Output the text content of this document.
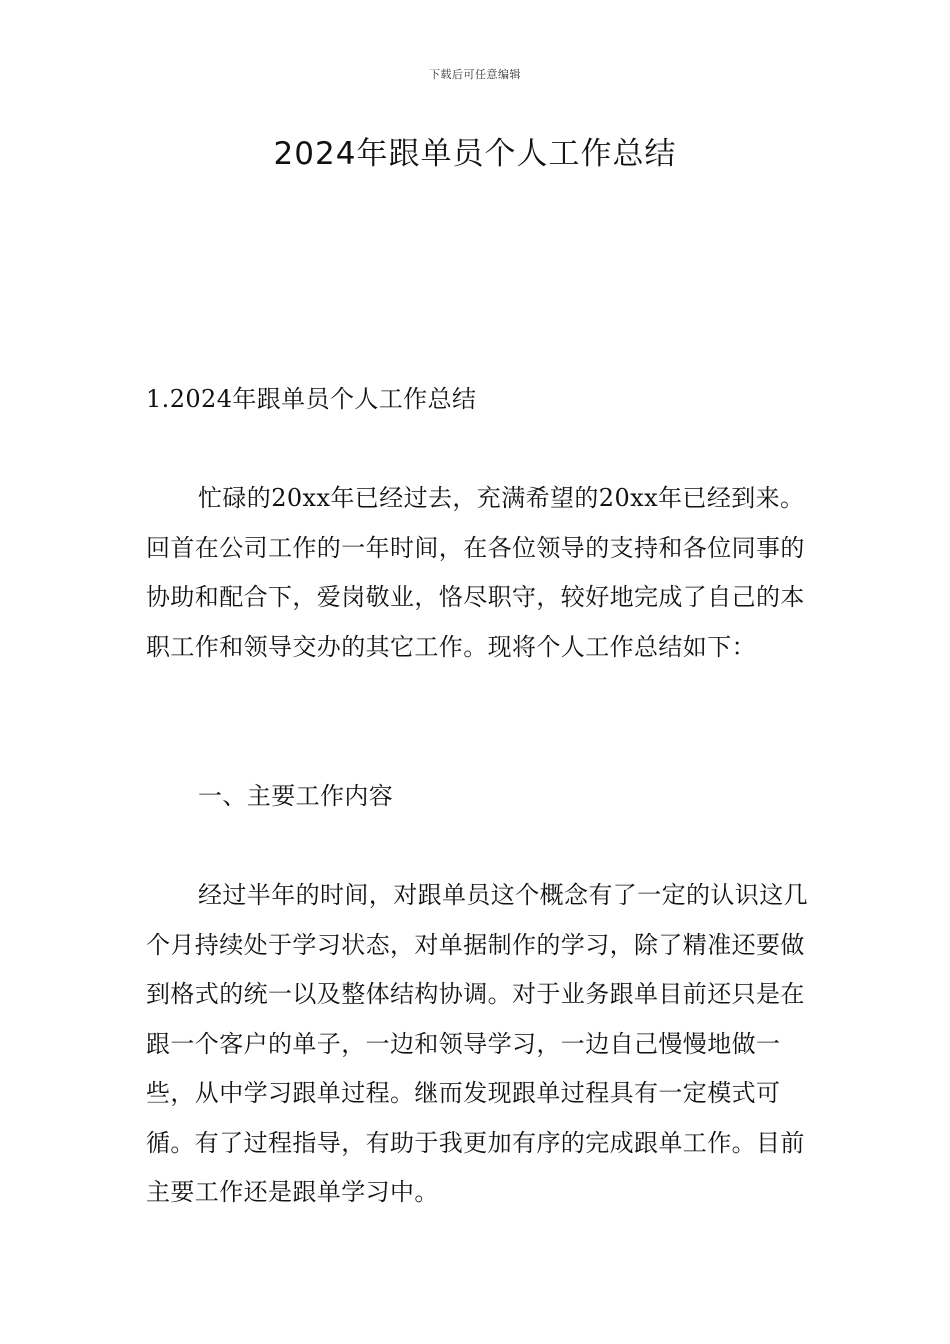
下载后可任意编辑
2024年跟单员个人工作总结

1.2024年跟单员个人工作总结

忙碌的20xx年已经过去，充满希望的20xx年已经到来。回首在公司工作的一年时间，在各位领导的支持和各位同事的协助和配合下，爱岗敬业，恪尽职守，较好地完成了自己的本职工作和领导交办的其它工作。现将个人工作总结如下：

一、主要工作内容

经过半年的时间，对跟单员这个概念有了一定的认识这几个月持续处于学习状态，对单据制作的学习，除了精准还要做到格式的统一以及整体结构协调。对于业务跟单目前还只是在跟一个客户的单子，一边和领导学习，一边自己慢慢地做一些，从中学习跟单过程。继而发现跟单过程具有一定模式可循。有了过程指导，有助于我更加有序的完成跟单工作。目前主要工作还是跟单学习中。
